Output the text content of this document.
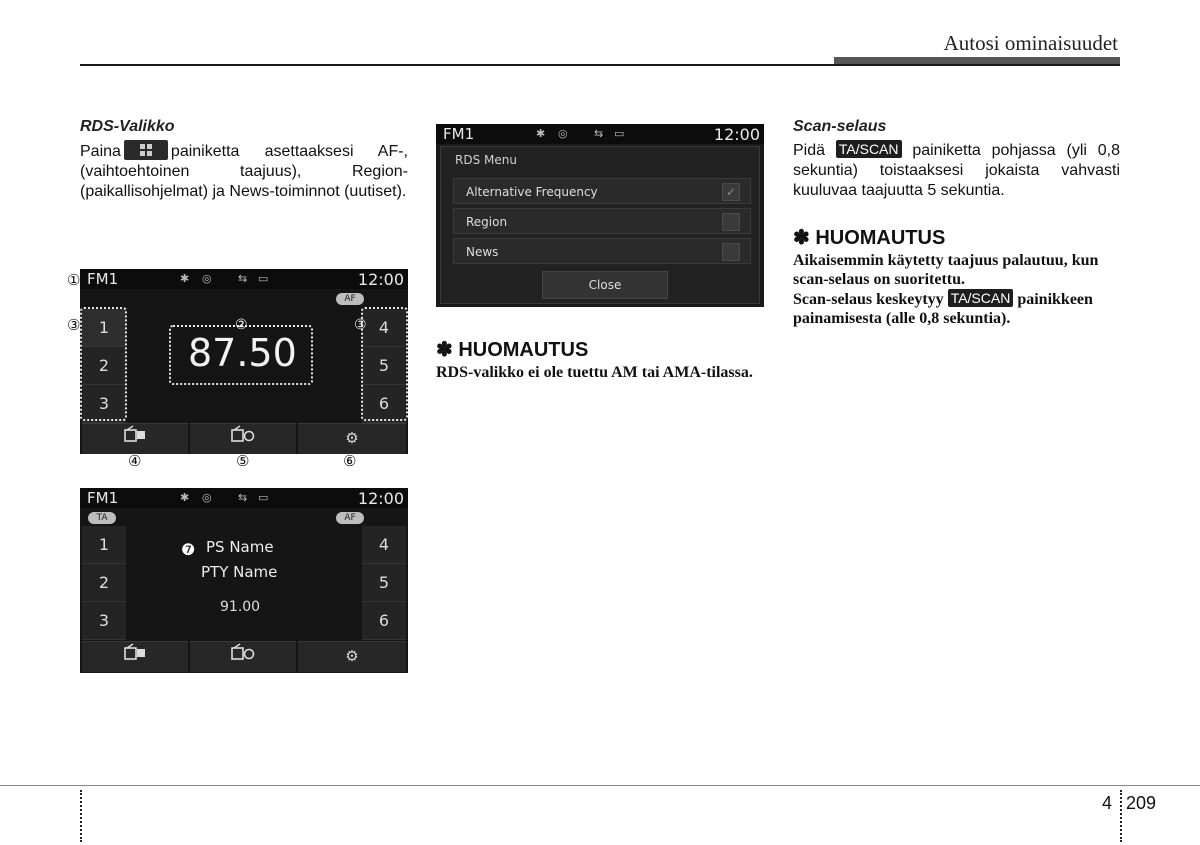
Autosi ominaisuudet
RDS-Valikko
Paina	painiketta asettaaksesi AF-, (vaihtoehtoinen taajuus), Region- (paikallisohjelmat) ja News-toiminnot (uutiset).
FM1	✱ ◎ ⇆ ▭	12:00
AF
1
2
3
4
5
6
87.50
②	③
⚙
①
③
④	⑤	⑥
FM1	✱ ◎ ⇆ ▭	12:00
TA	AF
1
2
3
4
5
6
❼ PS Name
PTY Name
91.00
⚙
FM1	✱ ◎ ⇆ ▭	12:00
RDS Menu
Alternative Frequency	✓
Region
News
Close
✽ HUOMAUTUS
RDS-valikko ei ole tuettu AM tai AMA-tilassa.
Scan-selaus
Pidä TA/SCAN painiketta pohjassa (yli 0,8 sekuntia) toistaaksesi jokaista vahvasti kuuluvaa taajuutta 5 sekuntia.
✽ HUOMAUTUS
Aikaisemmin käytetty taajuus palautuu, kun scan-selaus on suoritettu.
Scan-selaus keskeytyy TA/SCAN painikkeen painamisesta (alle 0,8 sekuntia).
4 209
